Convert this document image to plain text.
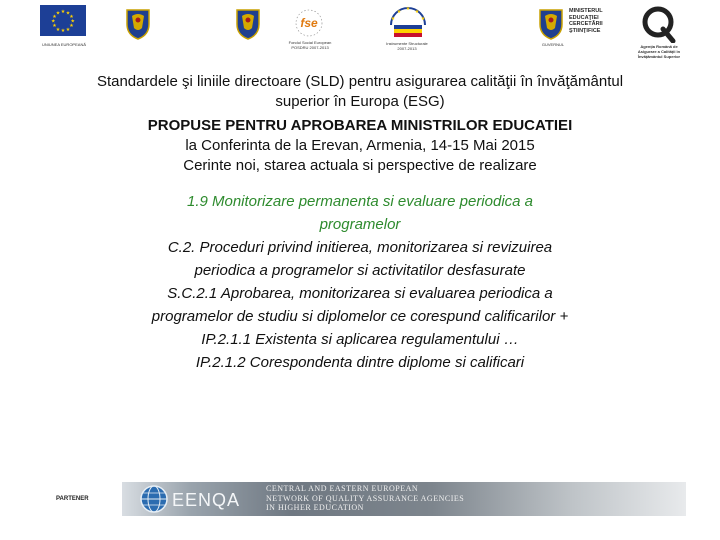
★ ★
★
★
★
★
★
★
★
★
★
★
UNIUNEA EUROPEANĂ
fse
Fondul Social European
POSDRU 2007-2013
★
★ ★ ★
★
Instrumente Structurale
2007-2013
MINISTERUL
EDUCAŢIEI
CERCETĂRII
ŞTIINŢIFICE
GUVERNUL	Agenţia Română de
Asigurare a Calităţii în
Învăţământul Superior
Standardele şi liniile directoare (SLD) pentru asigurarea calităţii în învăţământul
superior în Europa (ESG)
PROPUSE PENTRU APROBAREA MINISTRILOR EDUCATIEI
la Conferinta de la Erevan, Armenia, 14-15 Mai 2015
Cerinte noi, starea actuala si perspective de realizare
1.9 Monitorizare permanenta si evaluare periodica a
programelor
C.2. Proceduri privind initierea, monitorizarea si revizuirea
periodica a programelor si activitatilor desfasurate
S.C.2.1 Aprobarea, monitorizarea si evaluarea periodica a
programelor de studiu si diplomelor ce corespund calificarilor +
IP.2.1.1 Existenta si aplicarea regulamentului …
IP.2.1.2 Corespondenta dintre diplome si calificari
PARTENER	EENQA
CENTRAL AND EASTERN EUROPEAN
NETWORK OF QUALITY ASSURANCE AGENCIES
IN HIGHER EDUCATION
